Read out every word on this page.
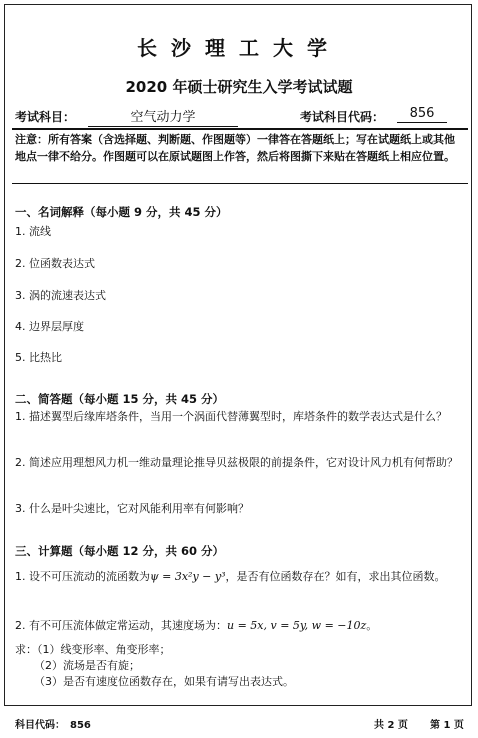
长沙理工大学
2020 年硕士研究生入学考试试题
考试科目：	空气动力学	考试科目代码：	856
注意：所有答案（含选择题、判断题、作图题等）一律答在答题纸上；写在试题纸上或其他地点一律不给分。作图题可以在原试题图上作答，然后将图撕下来贴在答题纸上相应位置。
一、名词解释（每小题 9 分，共 45 分）
1. 流线
2. 位函数表达式
3. 涡的流速表达式
4. 边界层厚度
5. 比热比
二、简答题（每小题 15 分，共 45 分）
1. 描述翼型后缘库塔条件，当用一个涡面代替薄翼型时，库塔条件的数学表达式是什么？
2. 简述应用理想风力机一维动量理论推导贝兹极限的前提条件，它对设计风力机有何帮助？
3. 什么是叶尖速比，它对风能利用率有何影响？
三、计算题（每小题 12 分，共 60 分）
1. 设不可压流动的流函数为ψ = 3x²y − y³，是否有位函数存在？如有，求出其位函数。
2. 有不可压流体做定常运动，其速度场为：u = 5x, v = 5y, w = −10z。
求：（1）线变形率、角变形率；
（2）流场是否有旋；
（3）是否有速度位函数存在，如果有请写出表达式。
科目代码：　856	共 2 页 第 1 页
